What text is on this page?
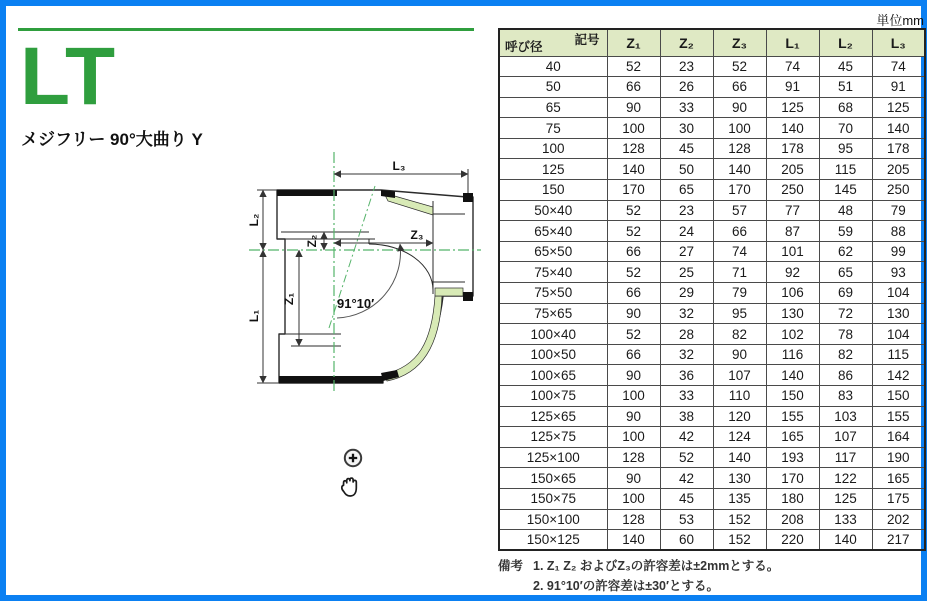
LT
メジフリー 90°大曲り Y
L₃
L₂
L₁
Z₁
Z₂	Z₃
91°10′
単位mm
記号
呼び径	Z₁	Z₂	Z₃	L₁	L₂	L₃
40	52	23	52	74	45	74
50	66	26	66	91	51	91
65	90	33	90	125	68	125
75	100	30	100	140	70	140
100	128	45	128	178	95	178
125	140	50	140	205	115	205
150	170	65	170	250	145	250
50×40	52	23	57	77	48	79
65×40	52	24	66	87	59	88
65×50	66	27	74	101	62	99
75×40	52	25	71	92	65	93
75×50	66	29	79	106	69	104
75×65	90	32	95	130	72	130
100×40	52	28	82	102	78	104
100×50	66	32	90	116	82	115
100×65	90	36	107	140	86	142
100×75	100	33	110	150	83	150
125×65	90	38	120	155	103	155
125×75	100	42	124	165	107	164
125×100	128	52	140	193	117	190
150×65	90	42	130	170	122	165
150×75	100	45	135	180	125	175
150×100	128	53	152	208	133	202
150×125	140	60	152	220	140	217
備考 1. Z₁ Z₂ およびZ₃の許容差は±2mmとする。
2. 91°10′の許容差は±30′とする。
